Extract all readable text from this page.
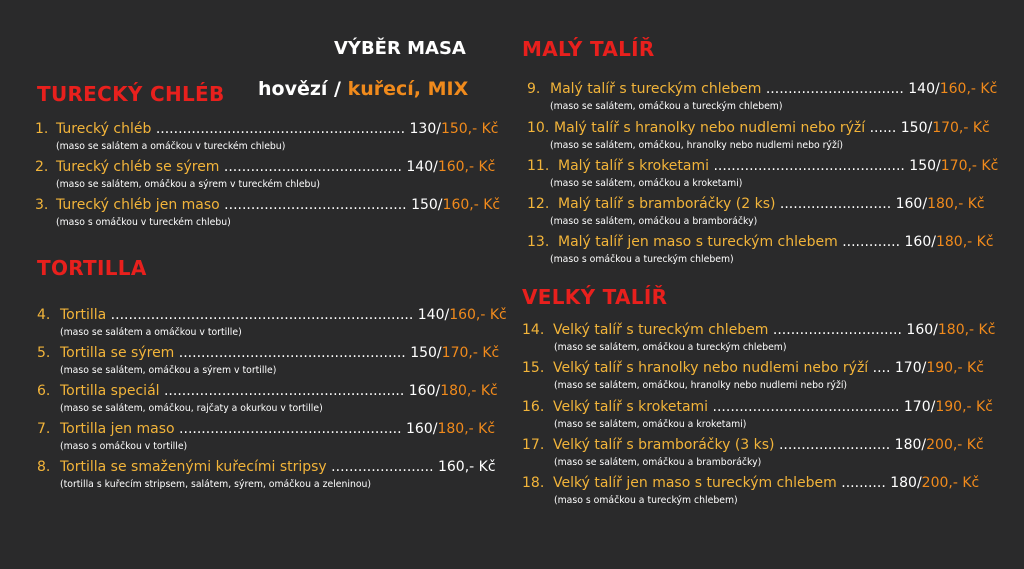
VÝBĚR MASA
hovězí / kuřecí, MIX
TURECKÝ CHLÉB
TORTILLA
MALÝ TALÍŘ
VELKÝ TALÍŘ
1. Turecký chléb ........................................................ 130/150,- Kč
(maso se salátem a omáčkou v tureckém chlebu)
2. Turecký chléb se sýrem ........................................ 140/160,- Kč
(maso se salátem, omáčkou a sýrem v tureckém chlebu)
3. Turecký chléb jen maso ......................................... 150/160,- Kč
(maso s omáčkou v tureckém chlebu)
4. Tortilla .................................................................... 140/160,- Kč
(maso se salátem a omáčkou v tortille)
5. Tortilla se sýrem ................................................... 150/170,- Kč
(maso se salátem, omáčkou a sýrem v tortille)
6. Tortilla speciál ...................................................... 160/180,- Kč
(maso se salátem, omáčkou, rajčaty a okurkou v tortille)
7. Tortilla jen maso .................................................. 160/180,- Kč
(maso s omáčkou v tortille)
8. Tortilla se smaženými kuřecími stripsy ....................... 160,- Kč
(tortilla s kuřecím stripsem, salátem, sýrem, omáčkou a zeleninou)
9. Malý talíř s tureckým chlebem ............................... 140/160,- Kč
(maso se salátem, omáčkou a tureckým chlebem)
10. Malý talíř s hranolky nebo nudlemi nebo rýží ...... 150/170,- Kč
(maso se salátem, omáčkou, hranolky nebo nudlemi nebo rýží)
11. Malý talíř s kroketami ........................................... 150/170,- Kč
(maso se salátem, omáčkou a kroketami)
12. Malý talíř s bramboráčky (2 ks) ......................... 160/180,- Kč
(maso se salátem, omáčkou a bramboráčky)
13. Malý talíř jen maso s tureckým chlebem ............. 160/180,- Kč
(maso s omáčkou a tureckým chlebem)
14. Velký talíř s tureckým chlebem ............................. 160/180,- Kč
(maso se salátem, omáčkou a tureckým chlebem)
15. Velký talíř s hranolky nebo nudlemi nebo rýží .... 170/190,- Kč
(maso se salátem, omáčkou, hranolky nebo nudlemi nebo rýží)
16. Velký talíř s kroketami .......................................... 170/190,- Kč
(maso se salátem, omáčkou a kroketami)
17. Velký talíř s bramboráčky (3 ks) ......................... 180/200,- Kč
(maso se salátem, omáčkou a bramboráčky)
18. Velký talíř jen maso s tureckým chlebem .......... 180/200,- Kč
(maso s omáčkou a tureckým chlebem)
